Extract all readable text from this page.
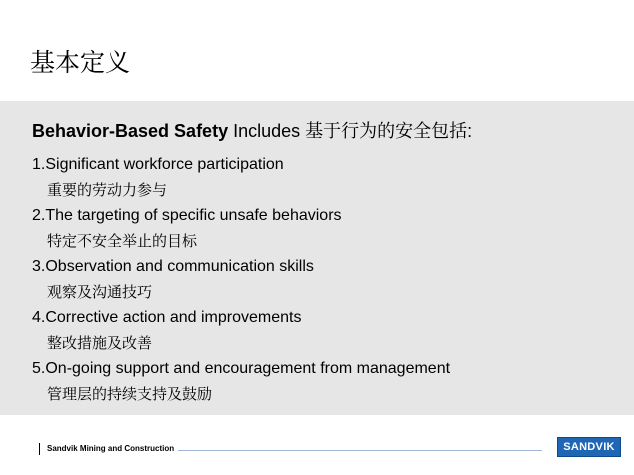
基本定义
Behavior-Based Safety Includes 基于行为的安全包括:
1.Significant workforce participation
重要的劳动力参与
2.The targeting of specific unsafe behaviors
特定不安全举止的目标
3.Observation and communication skills
观察及沟通技巧
4.Corrective action and improvements
整改措施及改善
5.On-going support and encouragement from management
管理层的持续支持及鼓励
Sandvik Mining and Construction	SANDVIK
